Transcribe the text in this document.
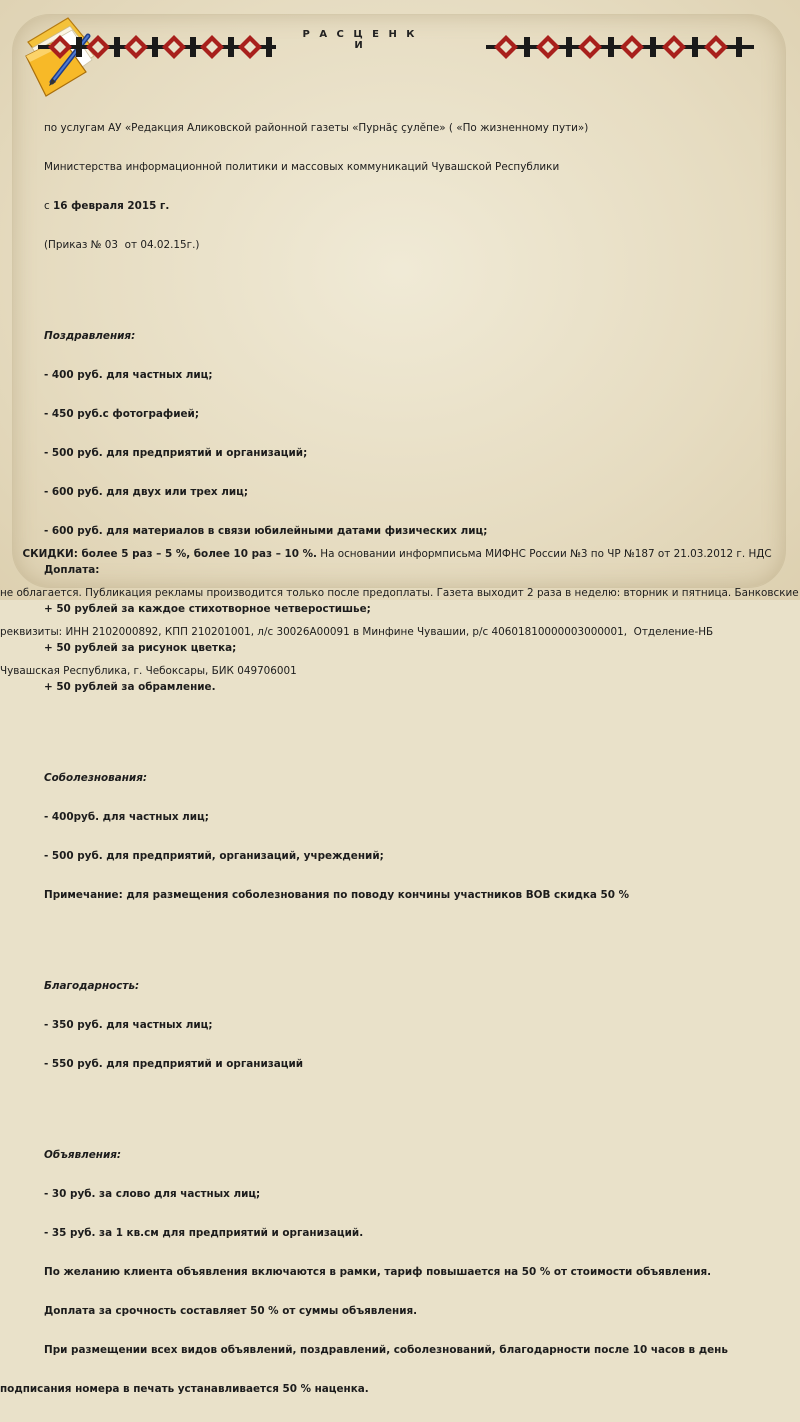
Р А С Ц Е Н К И

по услугам АУ «Редакция Аликовской районной газеты «Пурнăç çулĕпе» ( «По жизненному пути»)

Министерства информационной политики и массовых коммуникаций Чувашской Республики

с 16 февраля 2015 г.

(Приказ № 03  от 04.02.15г.)

Поздравления:

- 400 руб. для частных лиц;

- 450 руб.с фотографией;

- 500 руб. для предприятий и организаций;

- 600 руб. для двух или трех лиц;

- 600 руб. для материалов в связи юбилейными датами физических лиц;

Доплата:

+ 50 рублей за каждое стихотворное четверостишье;

+ 50 рублей за рисунок цветка;

+ 50 рублей за обрамление.

Соболезнования:

- 400руб. для частных лиц;

- 500 руб. для предприятий, организаций, учреждений;

Примечание: для размещения соболезнования по поводу кончины участников ВОВ скидка 50 %

Благодарность:

- 350 руб. для частных лиц;

- 550 руб. для предприятий и организаций

Объявления:

- 30 руб. за слово для частных лиц;

- 35 руб. за 1 кв.см для предприятий и организаций.

По желанию клиента объявления включаются в рамки, тариф повышается на 50 % от стоимости объявления.

Доплата за срочность составляет 50 % от суммы объявления.

При размещении всех видов объявлений, поздравлений, соболезнований, благодарности после 10 часов в день

подписания номера в печать устанавливается 50 % наценка.

СКИДКИ: более 5 раз – 5 %, более 10 раз – 10 %. На основании информписьма МИФНС России №3 по ЧР №187 от 21.03.2012 г. НДС

не облагается. Публикация рекламы производится только после предоплаты. Газета выходит 2 раза в неделю: вторник и пятница. Банковские

реквизиты: ИНН 2102000892, КПП 210201001, л/с 30026А00091 в Минфине Чувашии, р/с 40601810000003000001,  Отделение-НБ

Чувашская Республика, г. Чебоксары, БИК 049706001
